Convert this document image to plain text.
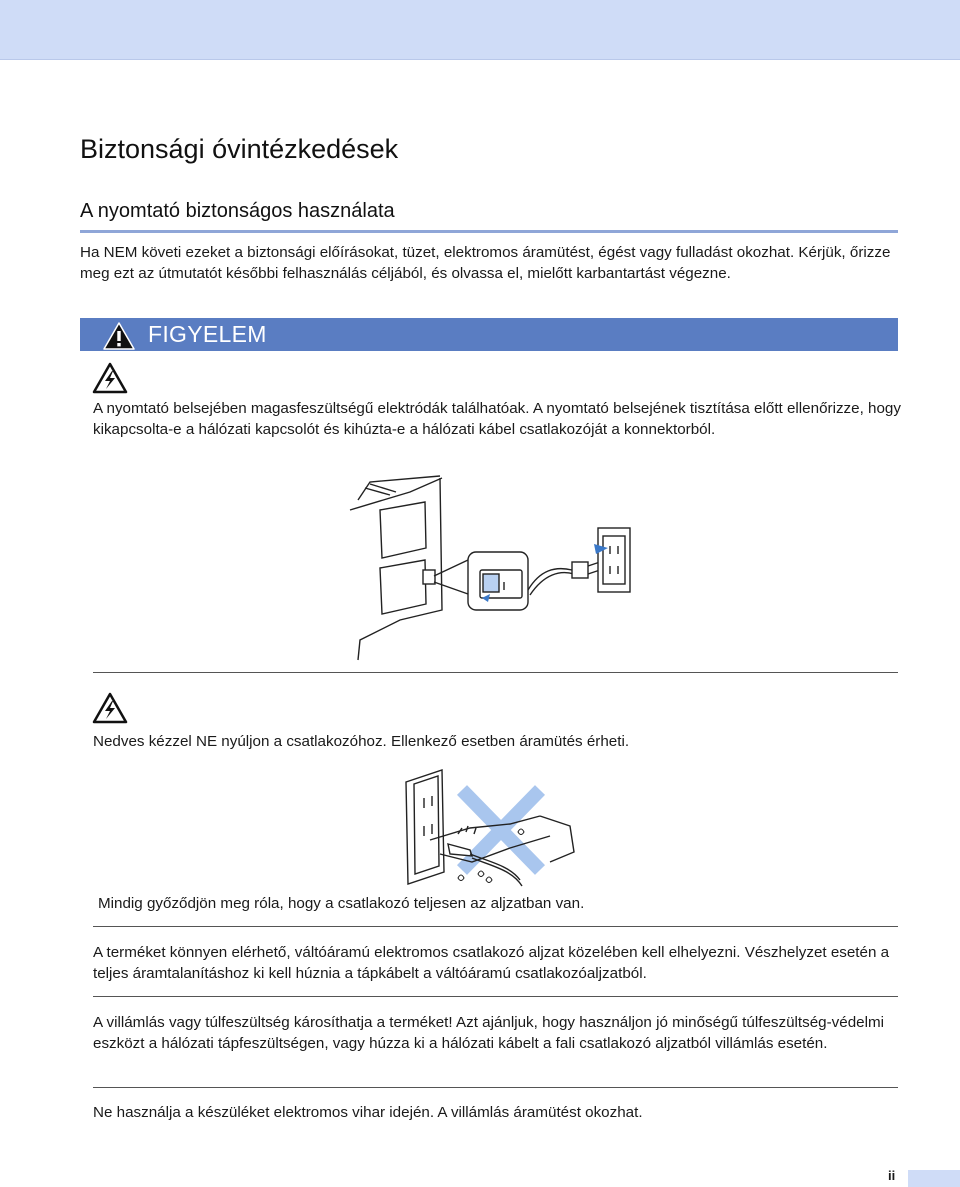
Biztonsági óvintézkedések
A nyomtató biztonságos használata

Ha NEM követi ezeket a biztonsági előírásokat, tüzet, elektromos áramütést, égést vagy fulladást okozhat. Kérjük, őrizze meg ezt az útmutatót későbbi felhasználás céljából, és olvassa el, mielőtt karbantartást végezne.

FIGYELEM

A nyomtató belsejében magasfeszültségű elektródák találhatóak. A nyomtató belsejének tisztítása előtt ellenőrizze, hogy kikapcsolta-e a hálózati kapcsolót és kihúzta-e a hálózati kábel csatlakozóját a konnektorból.

Nedves kézzel NE nyúljon a csatlakozóhoz. Ellenkező esetben áramütés érheti.

Mindig győződjön meg róla, hogy a csatlakozó teljesen az aljzatban van.

A terméket könnyen elérhető, váltóáramú elektromos csatlakozó aljzat közelében kell elhelyezni. Vészhelyzet esetén a teljes áramtalanításhoz ki kell húznia a tápkábelt a váltóáramú csatlakozóaljzatból.

A villámlás vagy túlfeszültség károsíthatja a terméket! Azt ajánljuk, hogy használjon jó minőségű túlfeszültség-védelmi eszközt a hálózati tápfeszültségen, vagy húzza ki a hálózati kábelt a fali csatlakozó aljzatból villámlás esetén.

Ne használja a készüléket elektromos vihar idején. A villámlás áramütést okozhat.

ii
